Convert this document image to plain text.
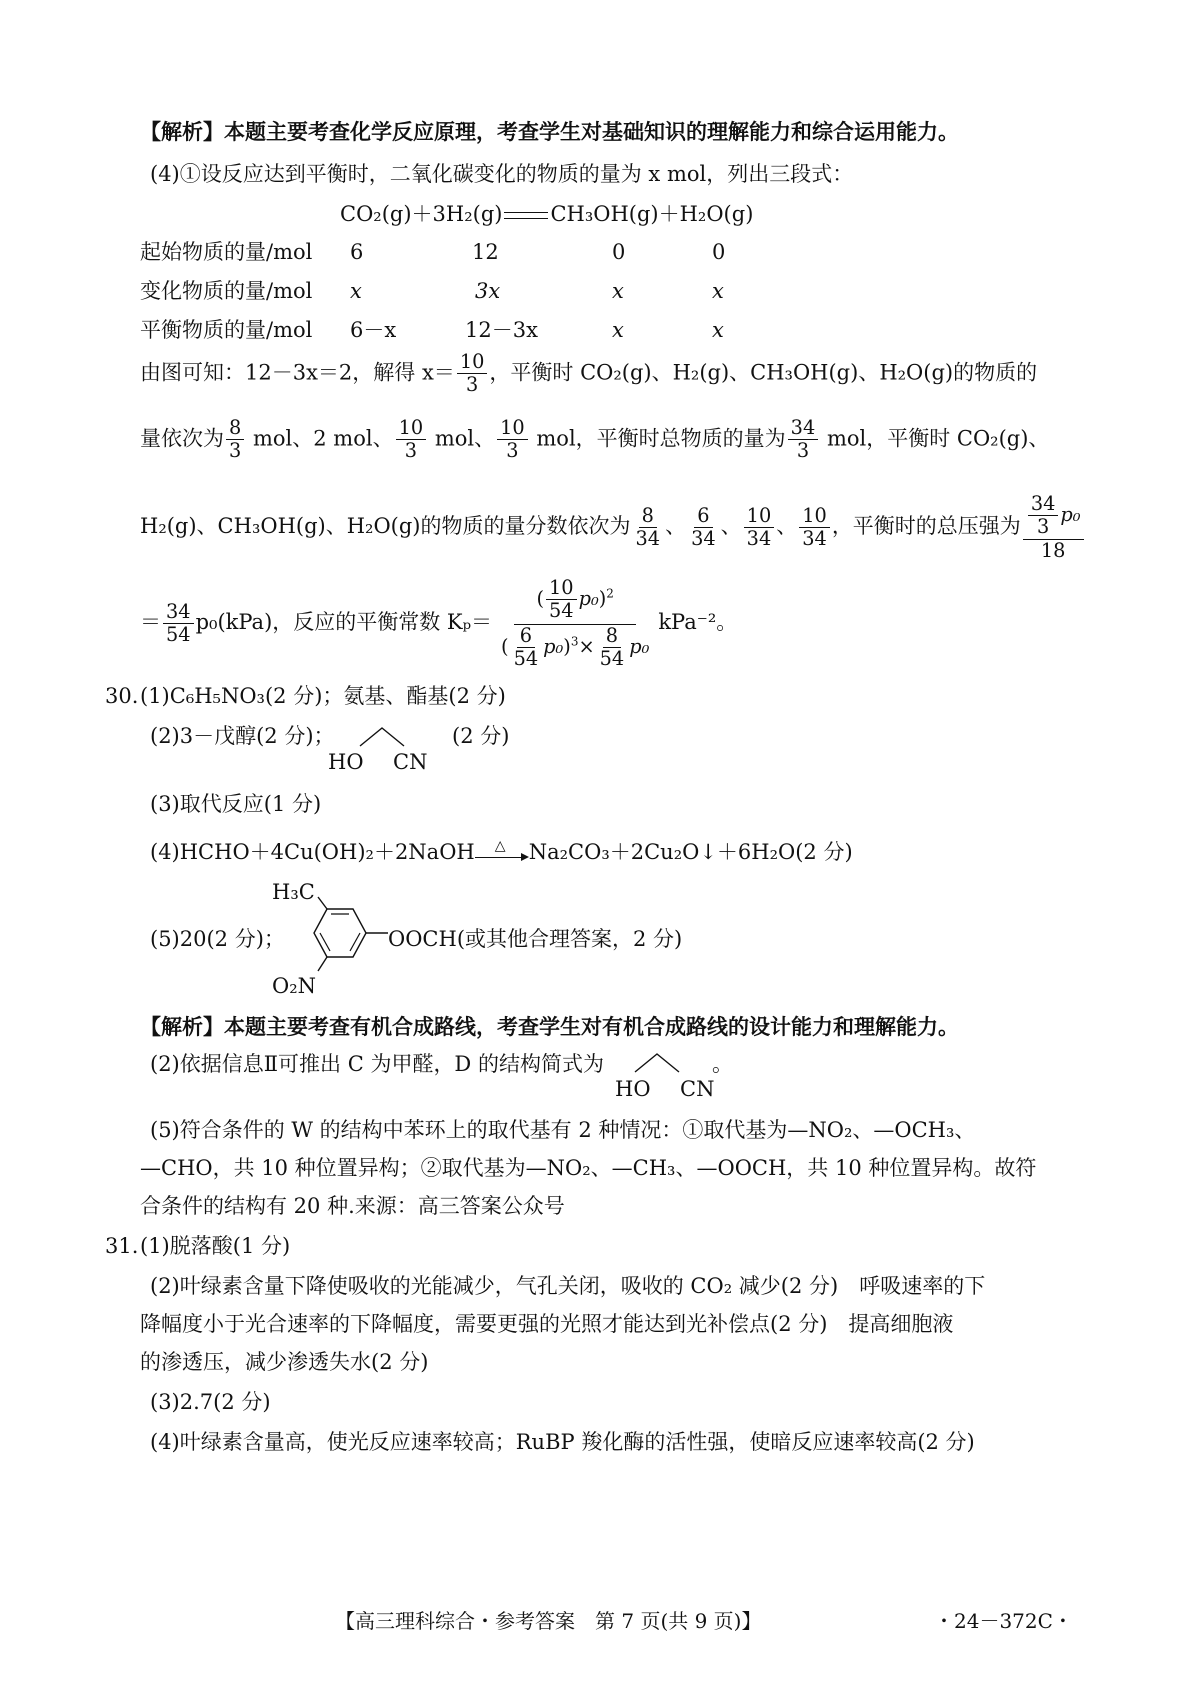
【解析】本题主要考查化学反应原理，考查学生对基础知识的理解能力和综合运用能力。
(4)①设反应达到平衡时，二氧化碳变化的物质的量为 x mol，列出三段式：
CO₂(g)＋3H₂(g) CH₃OH(g)＋H₂O(g)
起始物质的量/mol 6	12	0	0
变化物质的量/mol x	3x	x	x
平衡物质的量/mol 6－x	12－3x	x	x
由图可知：12－3x＝2，解得 $x= \frac{10}{3}$ ，平衡时 CO₂(g)、H₂(g)、CH₃OH(g)、H₂O(g)的物质的
量依次为 $\frac{8}{3}$ mol、2 mol、 $\frac{10}{3}$ mol、 $\frac{10}{3}$ mol，平衡时总物质的量为 $\frac{34}{3}$ mol，平衡时 CO₂(g)、
H₂(g)、CH₃OH(g)、H₂O(g)的物质的量分数依次为 $\frac{8}{34}$ 、 $\frac{6}{34}$ 、 $\frac{10}{34}$ 、 $\frac{10}{34}$ ，平衡时的总压强为 $\frac{\frac{34}{3} p_0}{18}$
＝ $\frac{34}{54} p_0(kPa)$，反应的平衡常数 $K_p= \frac{( \frac{10}{54} p_0)^2}{( \frac{6}{54} p_0)^3\times \frac{8}{54} p_0} kPa^{-2}$。
30. (1)C₆H₅NO₃(2 分)；氨基、酯基(2 分)
(2)3－戊醇(2 分)；	(2 分)
HO CN
(3)取代反应(1 分)
(4)HCHO＋4Cu(OH)₂＋2NaOH △ Na₂CO₃＋2Cu₂O↓＋6H₂O(2 分)
H₃C
(5)20(2 分)；	OOCH(或其他合理答案，2 分)
O₂N
【解析】本题主要考查有机合成路线，考查学生对有机合成路线的设计能力和理解能力。
(2)依据信息Ⅱ可推出 C 为甲醛，D 的结构简式为	。
HO CN
(5)符合条件的 W 的结构中苯环上的取代基有 2 种情况：①取代基为—NO₂、—OCH₃、
—CHO，共 10 种位置异构；②取代基为—NO₂、—CH₃、—OOCH，共 10 种位置异构。故符
合条件的结构有 20 种.来源：高三答案公众号
31. (1)脱落酸(1 分)
(2)叶绿素含量下降使吸收的光能减少，气孔关闭，吸收的 CO₂ 减少(2 分)　呼吸速率的下
降幅度小于光合速率的下降幅度，需要更强的光照才能达到光补偿点(2 分)　提高细胞液
的渗透压，减少渗透失水(2 分)
(3)2.7(2 分)
(4)叶绿素含量高，使光反应速率较高；RuBP 羧化酶的活性强，使暗反应速率较高(2 分)
【高三理科综合・参考答案　第 7 页(共 9 页)】	・24－372C・
